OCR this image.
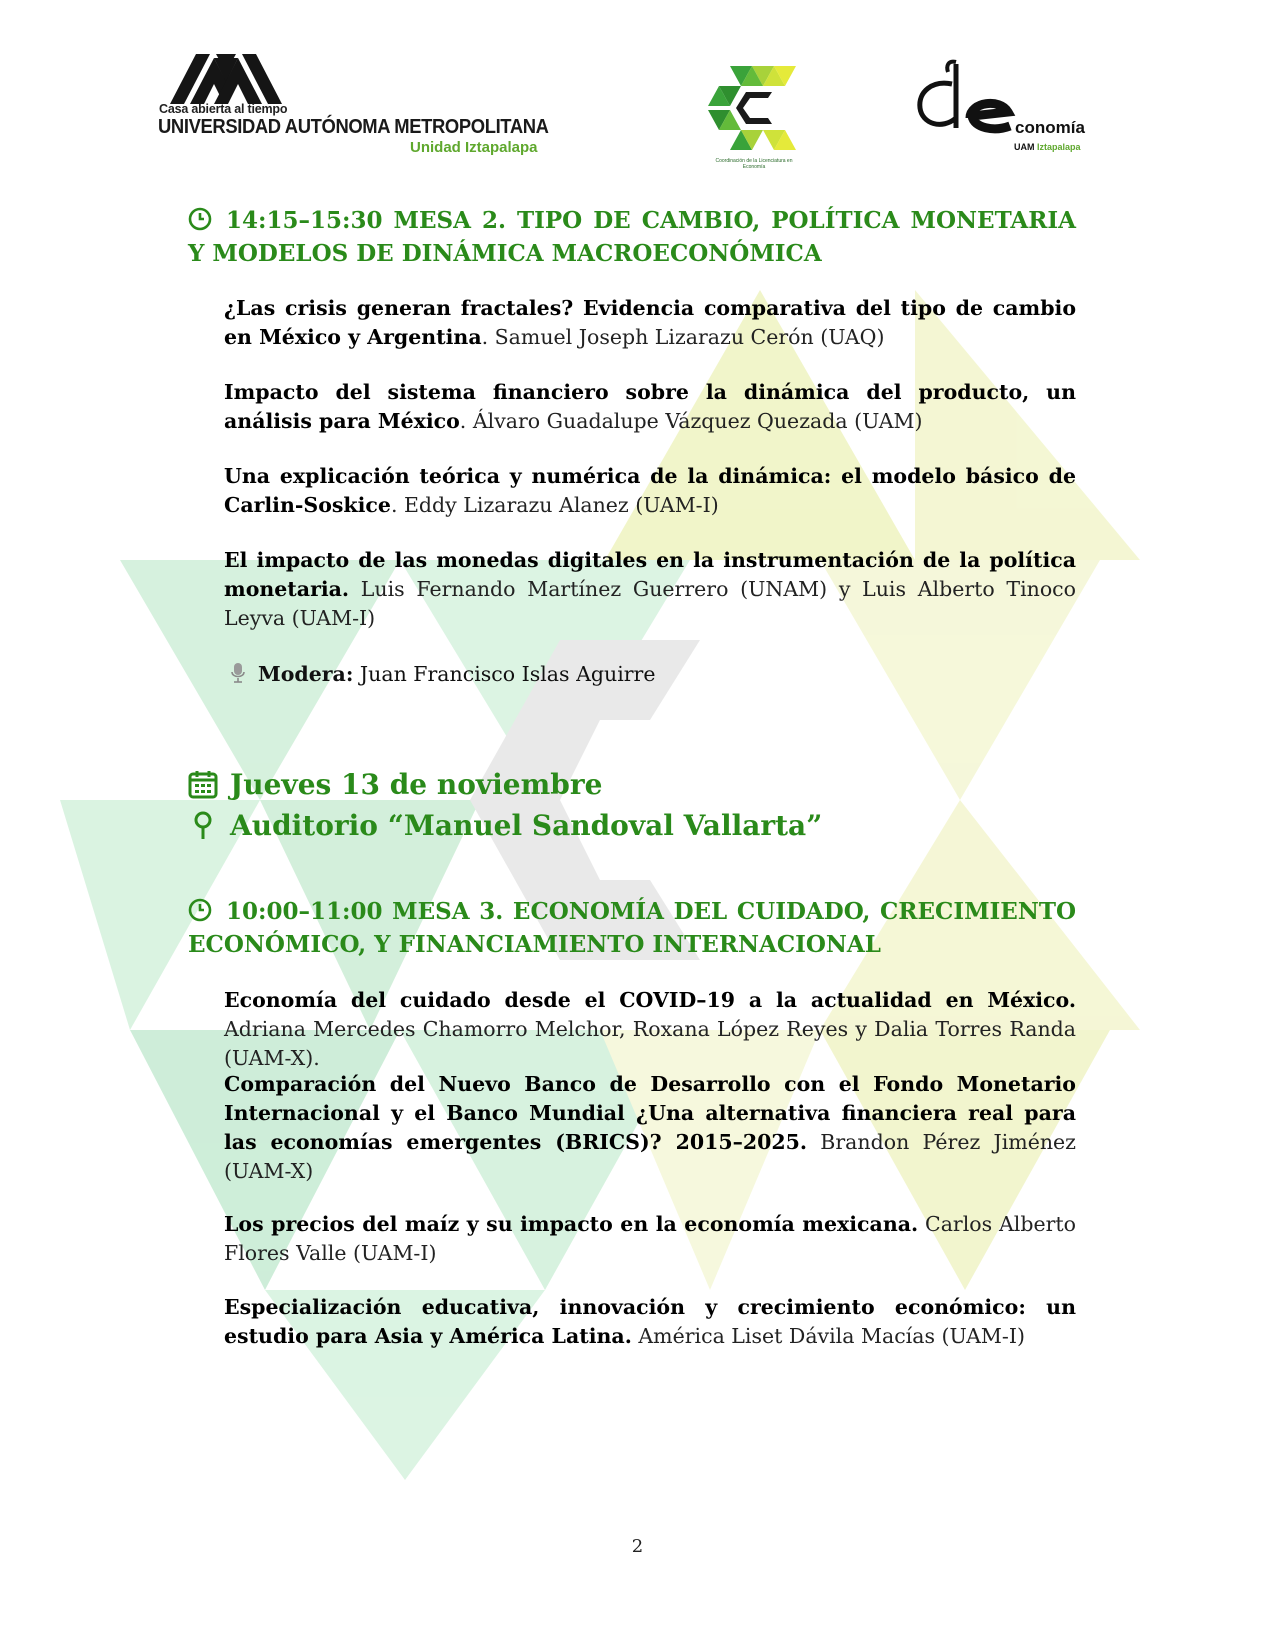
Casa abierta al tiempo
UNIVERSIDAD AUTÓNOMA METROPOLITANA
Unidad Iztapalapa
Coordinación de la Licenciatura en Economía
conomía
UAM Iztapalapa
14:15–15:30 MESA 2. TIPO DE CAMBIO, POLÍTICA MONETARIA Y MODELOS DE DINÁMICA MACROECONÓMICA
¿Las crisis generan fractales? Evidencia comparativa del tipo de cambio en México y Argentina. Samuel Joseph Lizarazu Cerón (UAQ)
Impacto del sistema financiero sobre la dinámica del producto, un análisis para México. Álvaro Guadalupe Vázquez Quezada (UAM)
Una explicación teórica y numérica de la dinámica: el modelo básico de Carlin-Soskice. Eddy Lizarazu Alanez (UAM-I)
El impacto de las monedas digitales en la instrumentación de la política monetaria. Luis Fernando Martínez Guerrero (UNAM) y Luis Alberto Tinoco Leyva (UAM-I)
Modera: Juan Francisco Islas Aguirre
Jueves 13 de noviembre
Auditorio “Manuel Sandoval Vallarta”
10:00–11:00 MESA 3. ECONOMÍA DEL CUIDADO, CRECIMIENTO ECONÓMICO, Y FINANCIAMIENTO INTERNACIONAL
Economía del cuidado desde el COVID–19 a la actualidad en México. Adriana Mercedes Chamorro Melchor, Roxana López Reyes y Dalia Torres Randa (UAM-X).
Comparación del Nuevo Banco de Desarrollo con el Fondo Monetario Internacional y el Banco Mundial ¿Una alternativa financiera real para las economías emergentes (BRICS)? 2015–2025. Brandon Pérez Jiménez (UAM-X)
Los precios del maíz y su impacto en la economía mexicana. Carlos Alberto Flores Valle (UAM-I)
Especialización educativa, innovación y crecimiento económico: un estudio para Asia y América Latina. América Liset Dávila Macías (UAM-I)
2
